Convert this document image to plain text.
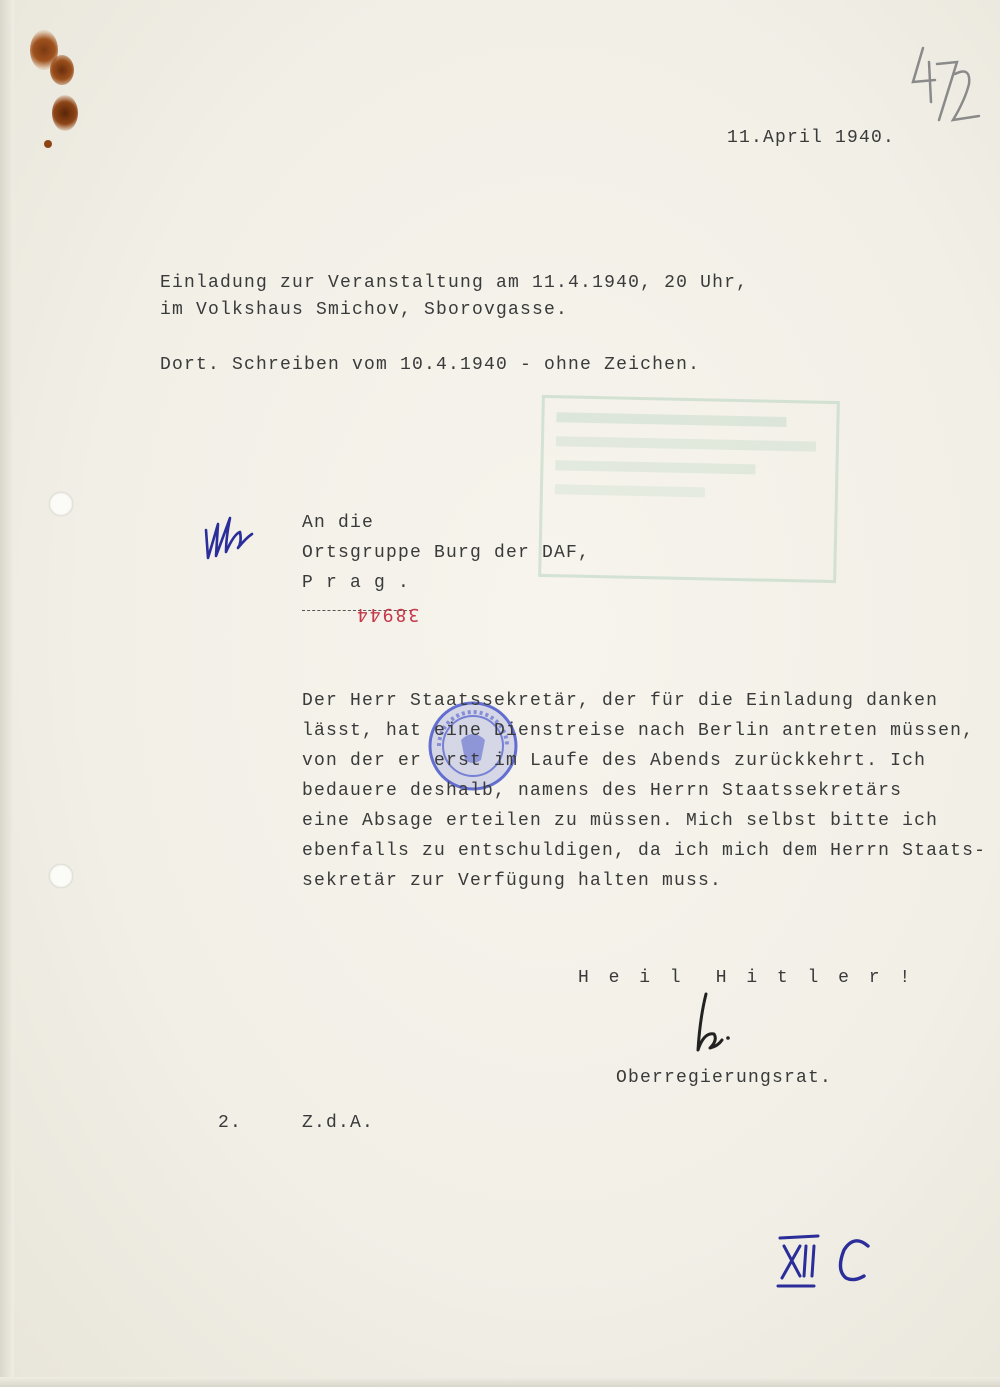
11.April 1940.
Einladung zur Veranstaltung am 11.4.1940, 20 Uhr,
im Volkshaus Smichov, Sborovgasse.
Dort. Schreiben vom 10.4.1940 - ohne Zeichen.
An die
Ortsgruppe Burg der DAF,
P r a g .
38944
Der Herr Staatssekretär, der für die Einladung danken
lässt, hat eine Dienstreise nach Berlin antreten müssen,
von der er erst im Laufe des Abends zurückkehrt. Ich
bedauere deshalb, namens des Herrn Staatssekretärs
eine Absage erteilen zu müssen. Mich selbst bitte ich
ebenfalls zu entschuldigen, da ich mich dem Herrn Staats-
sekretär zur Verfügung halten muss.
H e i l  H i t l e r !
Oberregierungsrat.
2.	Z.d.A.
